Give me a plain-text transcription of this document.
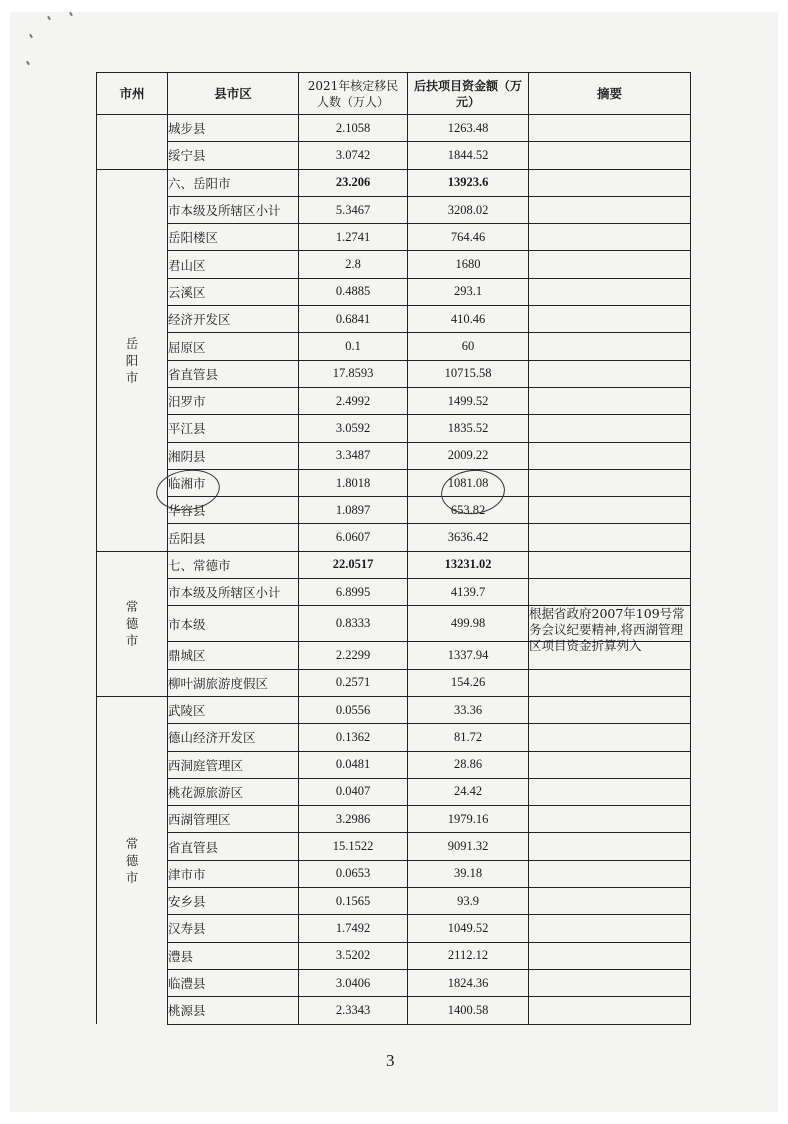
市州	县市区	2021年核定移民人数（万人）	后扶项目资金额（万元）	摘要
	城步县	2.1058	1263.48	
	绥宁县	3.0742	1844.52	
岳
阳
市	六、岳阳市	23.206	13923.6	
	市本级及所辖区小计	5.3467	3208.02	
	岳阳楼区	1.2741	764.46	
	君山区	2.8	1680	
	云溪区	0.4885	293.1	
	经济开发区	0.6841	410.46	
	屈原区	0.1	60	
	省直管县	17.8593	10715.58	
	汨罗市	2.4992	1499.52	
	平江县	3.0592	1835.52	
	湘阴县	3.3487	2009.22	
	临湘市	1.8018	1081.08	
	华容县	1.0897	653.82	
	岳阳县	6.0607	3636.42	
常
德
市	七、常德市	22.0517	13231.02	
	市本级及所辖区小计	6.8995	4139.7	
	市本级	0.8333	499.98	根据省政府2007年109号常务会议纪要精神,将西湖管理区项目资金折算列入

	鼎城区	2.2299	1337.94	
	柳叶湖旅游度假区	0.2571	154.26	
常
德
市	武陵区	0.0556	33.36	
	德山经济开发区	0.1362	81.72	
	西洞庭管理区	0.0481	28.86	
	桃花源旅游区	0.0407	24.42	
	西湖管理区	3.2986	1979.16	
	省直管县	15.1522	9091.32	
	津市市	0.0653	39.18	
	安乡县	0.1565	93.9	
	汉寿县	1.7492	1049.52	
	澧县	3.5202	2112.12	
	临澧县	3.0406	1824.36	
	桃源县	2.3343	1400.58	
3
